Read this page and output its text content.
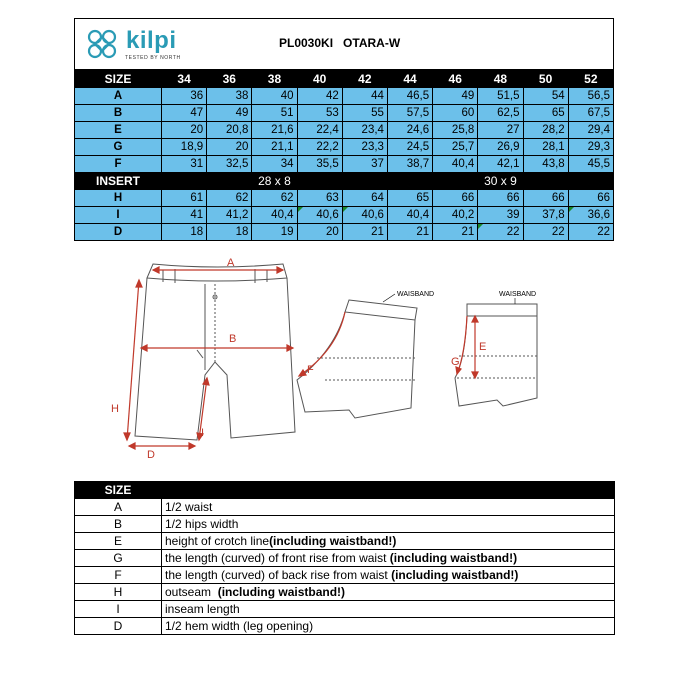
kilpi
TESTED BY NORTH
PL0030KI OTARA-W
SIZE	34	36	38	40	42	44	46	48	50	52
A	36	38	40	42	44	46,5	49	51,5	54	56,5
B	47	49	51	53	55	57,5	60	62,5	65	67,5
E	20	20,8	21,6	22,4	23,4	24,6	25,8	27	28,2	29,4
G	18,9	20	21,1	22,2	23,3	24,5	25,7	26,9	28,1	29,3
F	31	32,5	34	35,5	37	38,7	40,4	42,1	43,8	45,5
INSERT	28 x 8					30 x 9				
H	61	62	62	63	64	65	66	66	66	66
I	41	41,2	40,4	40,6	40,6	40,4	40,2	39	37,8	36,6
D	18	18	19	20	21	21	21	22	22	22
A
B
H
I
D
F
WAISBAND
G
E
WAISBAND
SIZE	
A	1/2 waist
B	1/2 hips width
E	height of crotch line(including waistband!)
G	the length (curved) of front rise from waist (including waistband!)
F	the length (curved) of back rise from waist (including waistband!)
H	outseam  (including waistband!)
I	inseam length
D	1/2 hem width (leg opening)
